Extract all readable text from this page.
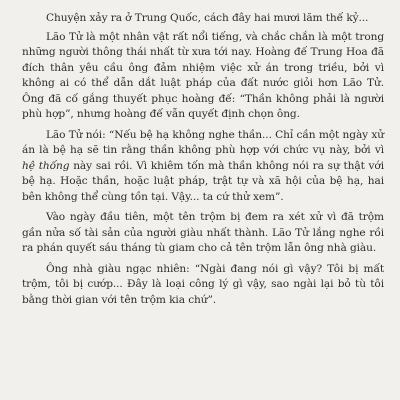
Chuyện xảy ra ở Trung Quốc, cách đây hai mươi lăm thế kỷ...

Lão Tử là một nhân vật rất nổi tiếng, và chắc chắn là một trong những người thông thái nhất từ xưa tới nay. Hoàng đế Trung Hoa đã đích thân yêu cầu ông đảm nhiệm việc xử án trong triều, bởi vì không ai có thể dẫn dắt luật pháp của đất nước giỏi hơn Lão Tử. Ông đã cố gắng thuyết phục hoàng đế: “Thần không phải là người phù hợp”, nhưng hoàng đế vẫn quyết định chọn ông.

Lão Tử nói: “Nếu bệ hạ không nghe thần... Chỉ cần một ngày xử án là bệ hạ sẽ tin rằng thần không phù hợp với chức vụ này, bởi vì hệ thống này sai rồi. Vì khiêm tốn mà thần không nói ra sự thật với bệ hạ. Hoặc thần, hoặc luật pháp, trật tự và xã hội của bệ hạ, hai bên không thể cùng tồn tại. Vậy... ta cứ thử xem”.

Vào ngày đầu tiên, một tên trộm bị đem ra xét xử vì đã trộm gần nửa số tài sản của người giàu nhất thành. Lão Tử lắng nghe rồi ra phán quyết sáu tháng tù giam cho cả tên trộm lẫn ông nhà giàu.

Ông nhà giàu ngạc nhiên: “Ngài đang nói gì vậy? Tôi bị mất trộm, tôi bị cướp... Đây là loại công lý gì vậy, sao ngài lại bỏ tù tôi bằng thời gian với tên trộm kia chứ”.
